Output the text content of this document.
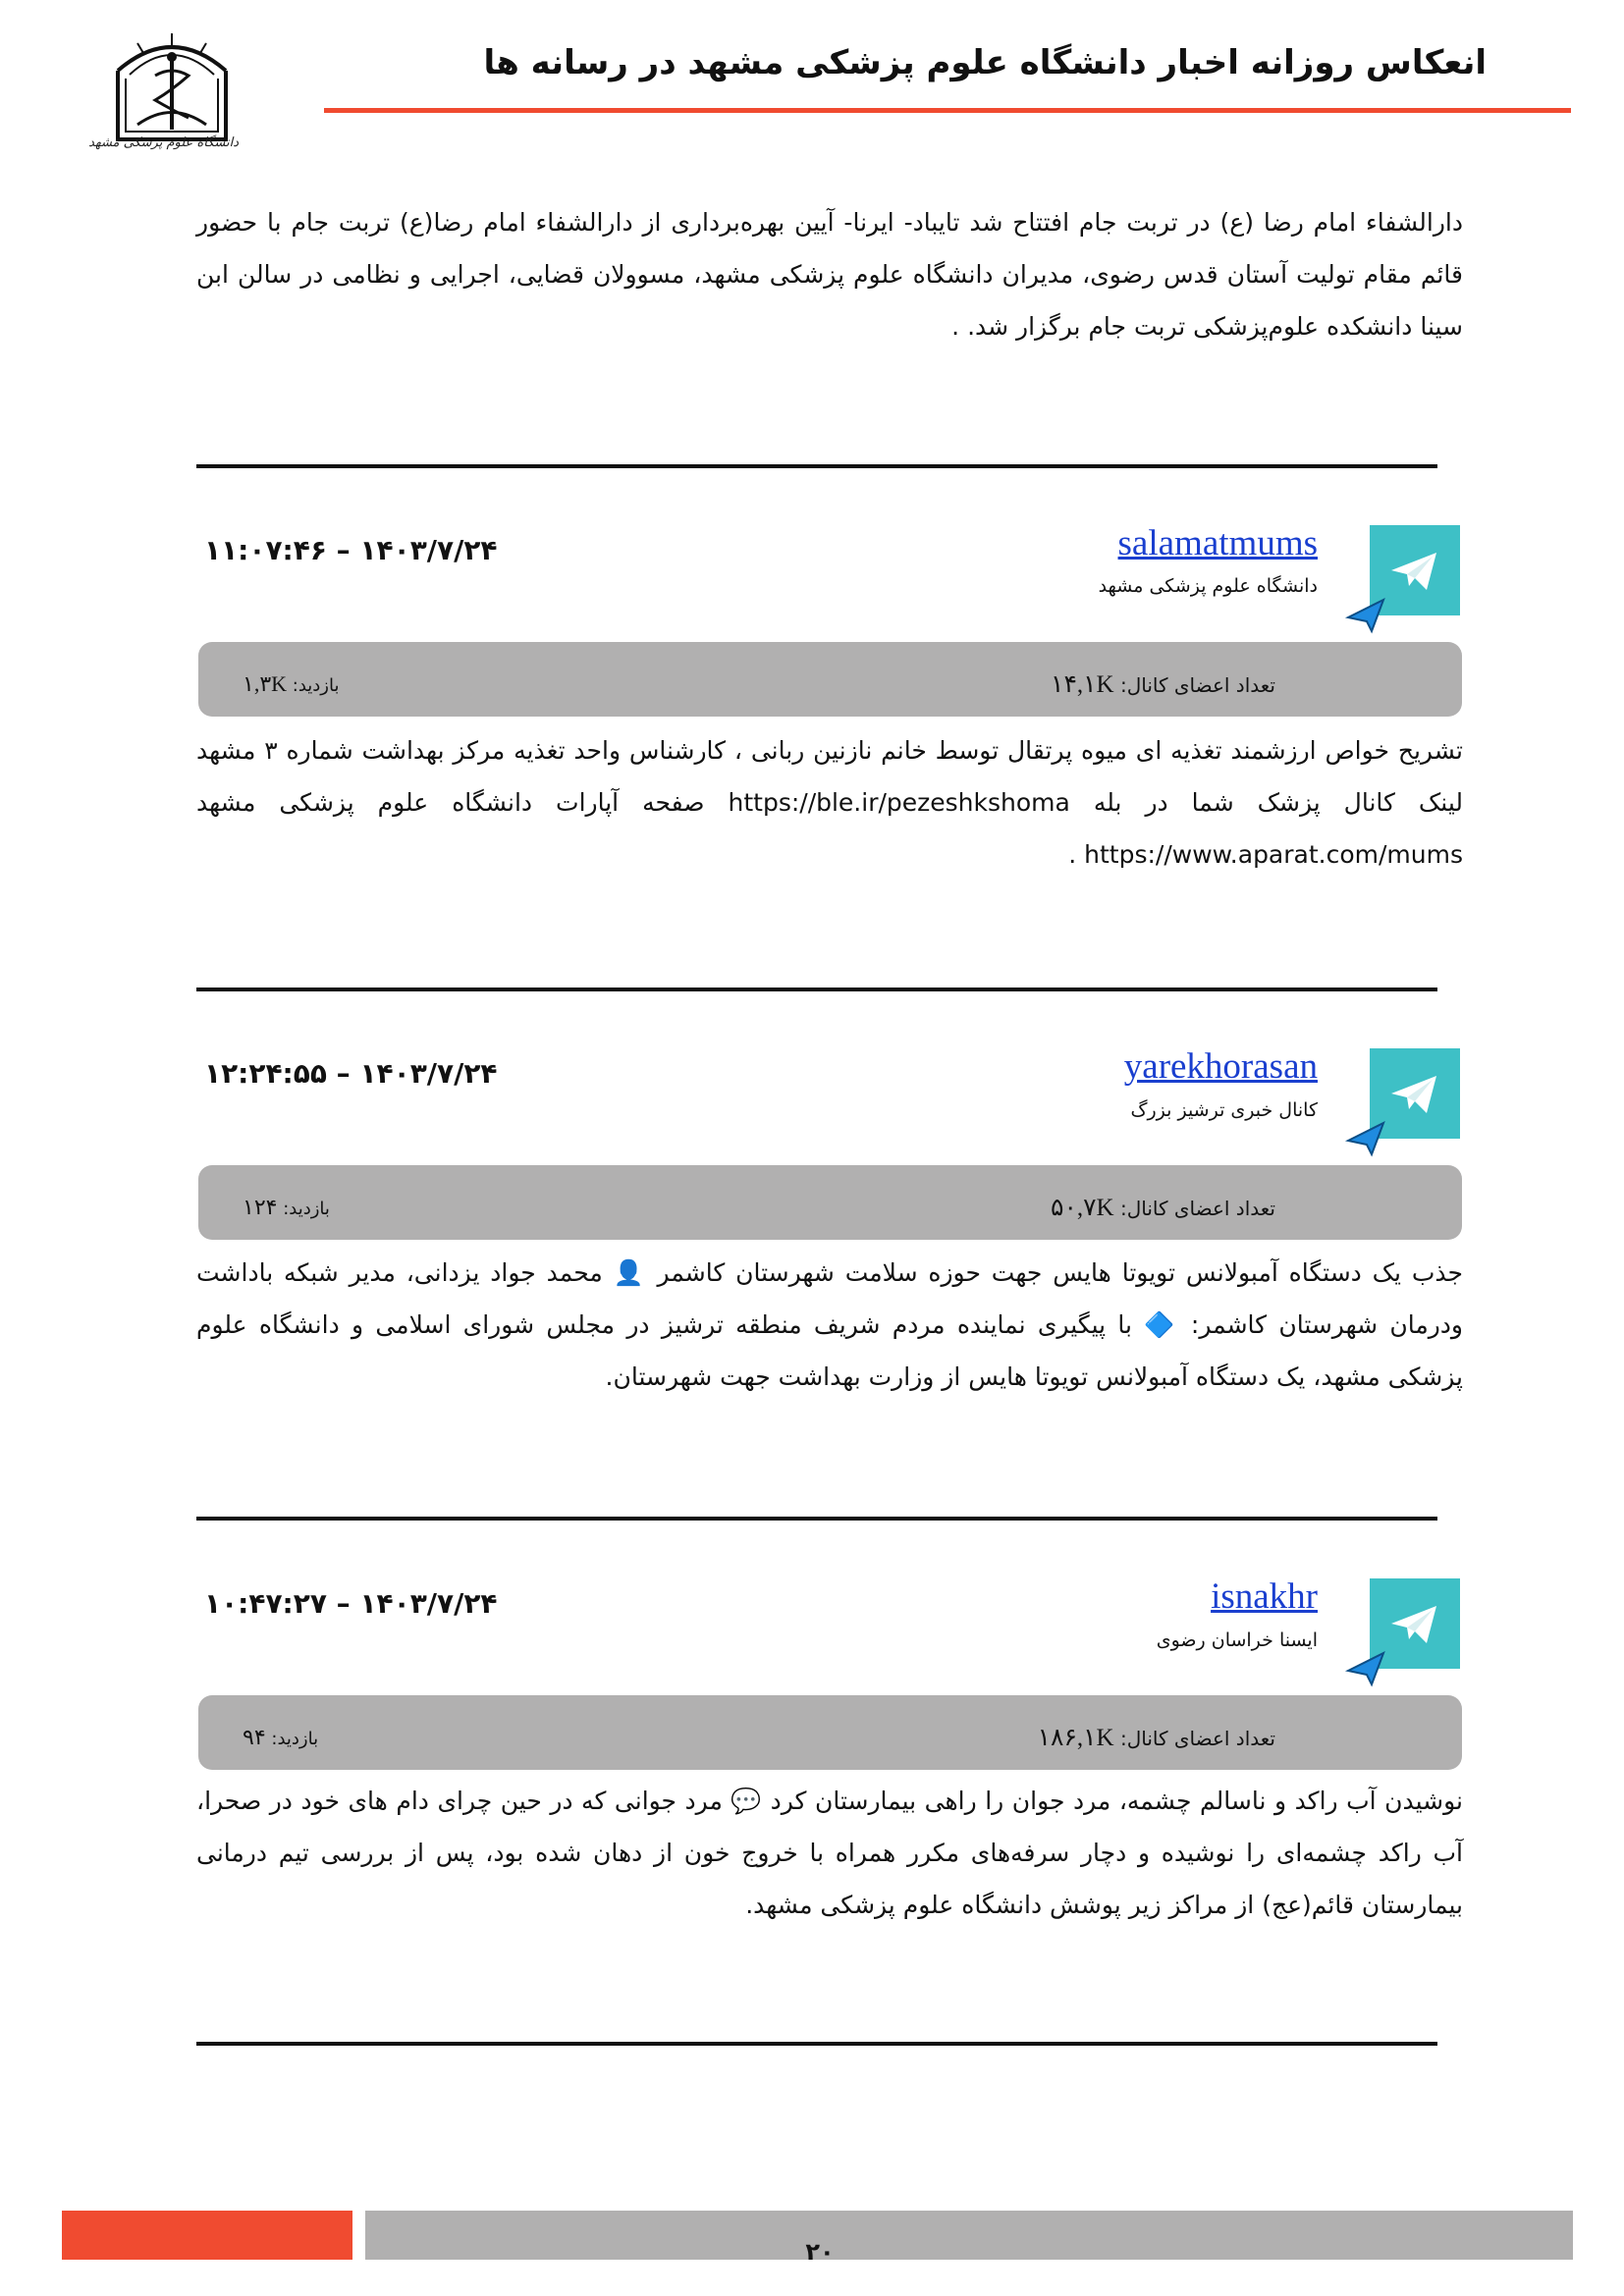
دانشگاه علوم پزشکی مشهد
انعکاس روزانه اخبار دانشگاه علوم پزشکی مشهد در رسانه ها
دارالشفاء امام رضا (ع) در تربت جام افتتاح شد تایباد- ایرنا- آیین بهره‌برداری از دارالشفاء امام رضا(ع) تربت جام با حضور قائم مقام تولیت آستان قدس رضوی، مدیران دانشگاه علوم پزشکی مشهد، مسوولان قضایی، اجرایی و نظامی در سالن ابن سینا دانشکده علوم‌پزشکی تربت جام برگزار شد. .
salamatmums
دانشگاه علوم پزشکی مشهد
۱۴۰۳/۷/۲۴ – ۱۱:۰۷:۴۶
تعداد اعضای کانال: ۱۴,۱K
بازدید: ۱,۳K
تشریح خواص ارزشمند تغذیه ای میوه پرتقال توسط خانم نازنین ربانی ، کارشناس واحد تغذیه مرکز بهداشت شماره ۳ مشهد لینک کانال پزشک شما در بله https://ble.ir/pezeshkshoma صفحه آپارات دانشگاه علوم پزشکی مشهد https://www.aparat.com/mums .
yarekhorasan
کانال خبری ترشیز بزرگ
۱۴۰۳/۷/۲۴ – ۱۲:۲۴:۵۵
تعداد اعضای کانال: ۵۰,۷K
بازدید: ۱۲۴
جذب یک دستگاه آمبولانس تویوتا هایس جهت حوزه سلامت شهرستان کاشمر 👤 محمد جواد یزدانی، مدیر شبکه باداشت ودرمان شهرستان کاشمر: 🔷 با پیگیری نماینده مردم شریف منطقه ترشیز در مجلس شورای اسلامی و دانشگاه علوم پزشکی مشهد، یک دستگاه آمبولانس تویوتا هایس از وزارت بهداشت جهت شهرستان.
isnakhr
ایسنا خراسان رضوی
۱۴۰۳/۷/۲۴ – ۱۰:۴۷:۲۷
تعداد اعضای کانال: ۱۸۶,۱K
بازدید: ۹۴
نوشیدن آب راکد و ناسالم چشمه، مرد جوان را راهی بیمارستان کرد 💬 مرد جوانی که در حین چرای دام های خود در صحرا، آب راکد چشمه‌ای را نوشیده و دچار سرفه‌های مکرر همراه با خروج خون از دهان شده بود، پس از بررسی تیم درمانی بیمارستان قائم(عج) از مراکز زیر پوشش دانشگاه علوم پزشکی مشهد.
۲۰
